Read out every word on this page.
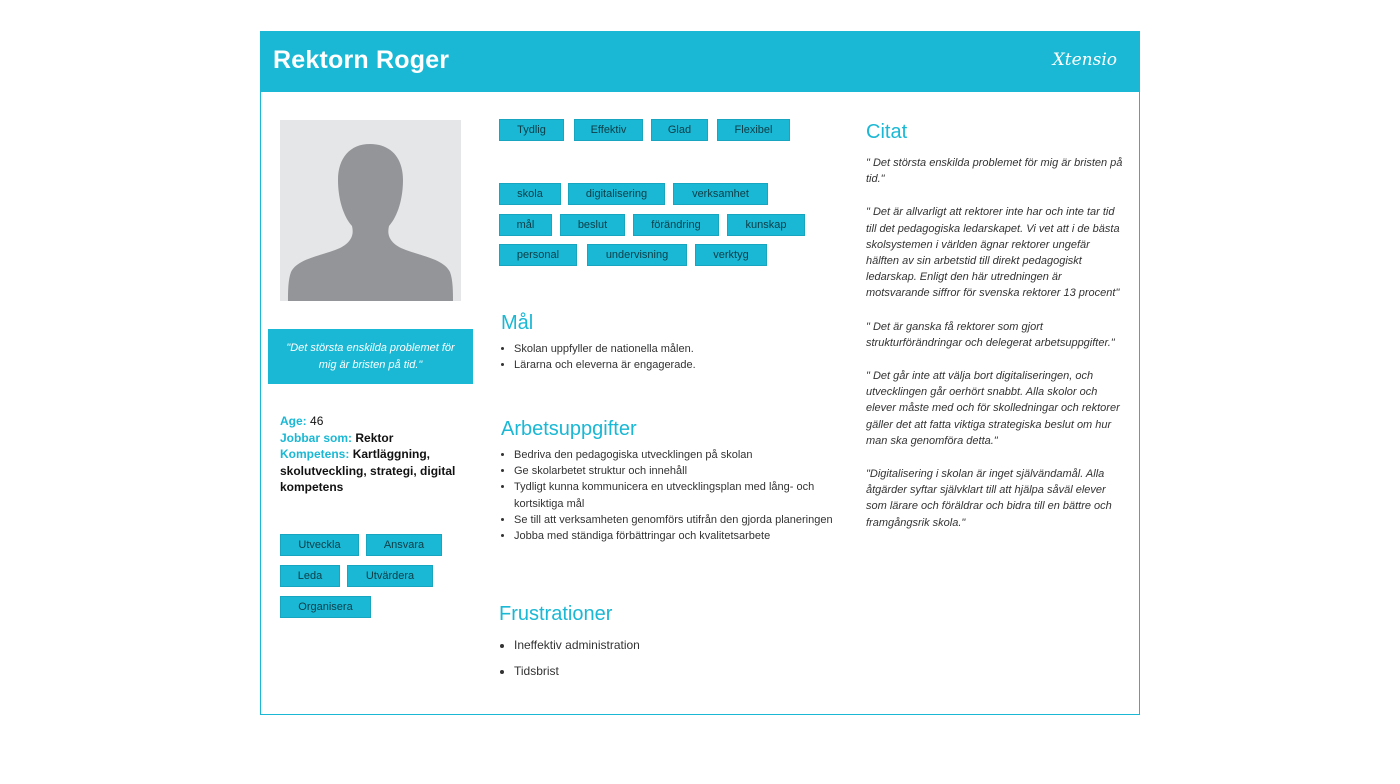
Rektorn Roger	Xtensio
"Det största enskilda problemet för mig är bristen på tid."
Age: 46
Jobbar som: Rektor
Kompetens: Kartläggning, skolutveckling, strategi, digital kompetens
Utveckla	Ansvara
Leda	Utvärdera
Organisera
Tydlig	Effektiv	Glad	Flexibel
skola	digitalisering	verksamhet
mål	beslut	förändring	kunskap
personal	undervisning	verktyg
Mål
• Skolan uppfyller de nationella målen.
• Lärarna och eleverna är engagerade.
Arbetsuppgifter
• Bedriva den pedagogiska utvecklingen på skolan
• Ge skolarbetet struktur och innehåll
• Tydligt kunna kommunicera en utvecklingsplan med lång- och kortsiktiga mål
• Se till att verksamheten genomförs utifrån den gjorda planeringen
• Jobba med ständiga förbättringar och kvalitetsarbete
Frustrationer
• Ineffektiv administration
• Tidsbrist
Citat

" Det största enskilda problemet för mig är bristen på tid."

" Det är allvarligt att rektorer inte har och inte tar tid till det pedagogiska ledarskapet. Vi vet att i de bästa skolsystemen i världen ägnar rektorer ungefär hälften av sin arbetstid till direkt pedagogiskt ledarskap. Enligt den här utredningen är motsvarande siffror för svenska rektorer 13 procent"

" Det är ganska få rektorer som gjort strukturförändringar och delegerat arbetsuppgifter."

" Det går inte att välja bort digitaliseringen, och utvecklingen går oerhört snabbt. Alla skolor och elever måste med och för skolledningar och rektorer gäller det att fatta viktiga strategiska beslut om hur man ska genomföra detta."

"Digitalisering i skolan är inget självändamål. Alla åtgärder syftar självklart till att hjälpa såväl elever som lärare och föräldrar och bidra till en bättre och framgångsrik skola."
